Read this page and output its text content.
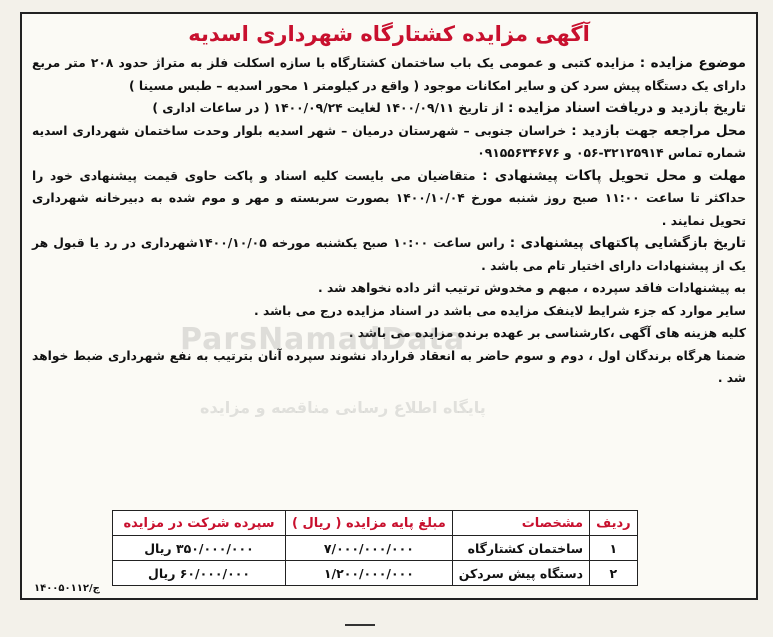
آگهی مزایده کشتارگاه شهرداری اسدیه

موضوع مزایده : مزایده کتبی و عمومی یک باب ساختمان کشتارگاه با سازه اسکلت فلز به متراژ حدود ۲۰۸ متر مربع دارای یک دستگاه پیش سرد کن و سایر امکانات موجود ( واقع در کیلومتر ۱ محور اسدیه – طبس مسینا )

تاریخ بازدید و دریافت اسناد مزایده : از تاریخ ۱۴۰۰/۰۹/۱۱ لغایت ۱۴۰۰/۰۹/۲۴ ( در ساعات اداری )

محل مراجعه جهت بازدید : خراسان جنوبی – شهرستان درمیان – شهر اسدیه بلوار وحدت ساختمان شهرداری اسدیه شماره تماس ۳۲۱۲۵۹۱۴-۰۵۶ و ۰۹۱۵۵۶۳۴۶۷۶

مهلت و محل تحویل پاکات پیشنهادی : متقاضیان می بایست کلیه اسناد و پاکت حاوی قیمت پیشنهادی خود را حداکثر تا ساعت ۱۱:۰۰ صبح روز شنبه مورخ ۱۴۰۰/۱۰/۰۴ بصورت سربسته و مهر و موم شده به دبیرخانه شهرداری تحویل نمایند .

تاریخ بازگشایی پاکتهای پیشنهادی : راس ساعت ۱۰:۰۰ صبح یکشنبه مورخه ۱۴۰۰/۱۰/۰۵شهرداری در رد یا قبول هر یک از پیشنهادات دارای اختیار تام می باشد .

به پیشنهادات فاقد سپرده ، مبهم و مخدوش ترتیب اثر داده نخواهد شد .

سایر موارد که جزء شرایط لاینفک مزایده می باشد در اسناد مزایده درج می باشد .

کلیه هزینه های آگهی ،کارشناسی بر عهده برنده مزایده می باشد .

ضمنا هرگاه برندگان اول ، دوم و سوم حاضر به انعقاد قرارداد نشوند سپرده آنان بترتیب به نفع شهرداری ضبط خواهد شد .

ParsNamadData
پایگاه اطلاع رسانی مناقصه و مزایده
ردیف	مشخصات	مبلغ پایه مزایده ( ریال )	سپرده شرکت در مزایده
۱	ساختمان کشتارگاه	۷/۰۰۰/۰۰۰/۰۰۰	۳۵۰/۰۰۰/۰۰۰ ریال
۲	دستگاه پیش سردکن	۱/۲۰۰/۰۰۰/۰۰۰	۶۰/۰۰۰/۰۰۰ ریال
ج/۱۴۰۰۵۰۱۱۲
